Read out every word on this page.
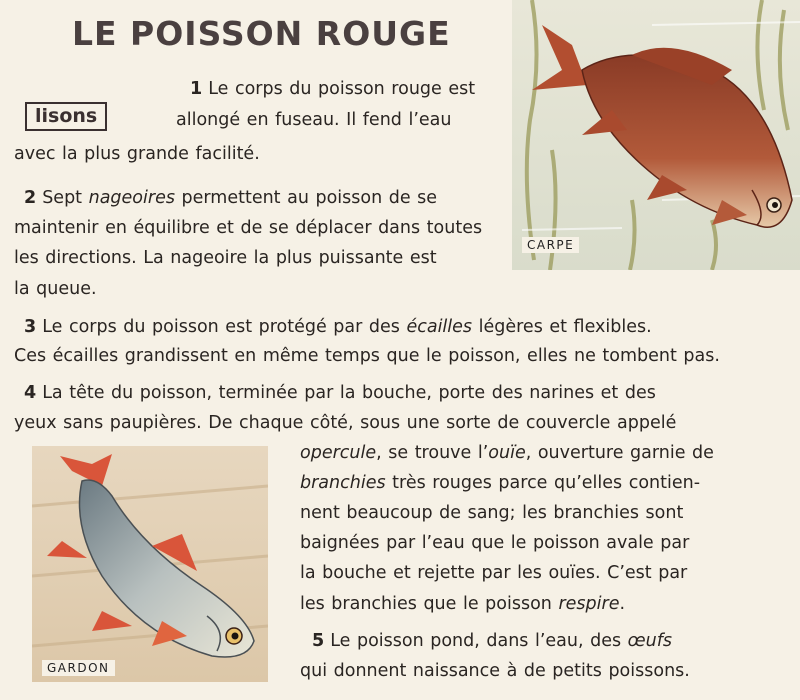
LE POISSON ROUGE
lisons

1 Le corps du poisson rouge est

allongé en fuseau. Il fend l’eau

avec la plus grande facilité.

2 Sept nageoires permettent au poisson de se

maintenir en équilibre et de se déplacer dans toutes

les directions. La nageoire la plus puissante est

la queue.

3 Le corps du poisson est protégé par des écailles légères et flexibles.

Ces écailles grandissent en même temps que le poisson, elles ne tombent pas.

4 La tête du poisson, terminée par la bouche, porte des narines et des

yeux sans paupières. De chaque côté, sous une sorte de couvercle appelé

opercule, se trouve l’ouïe, ouverture garnie de

branchies très rouges parce qu’elles contien-

nent beaucoup de sang; les branchies sont

baignées par l’eau que le poisson avale par

la bouche et rejette par les ouïes. C’est par

les branchies que le poisson respire.

5 Le poisson pond, dans l’eau, des œufs

qui donnent naissance à de petits poissons.

CARPE
GARDON
